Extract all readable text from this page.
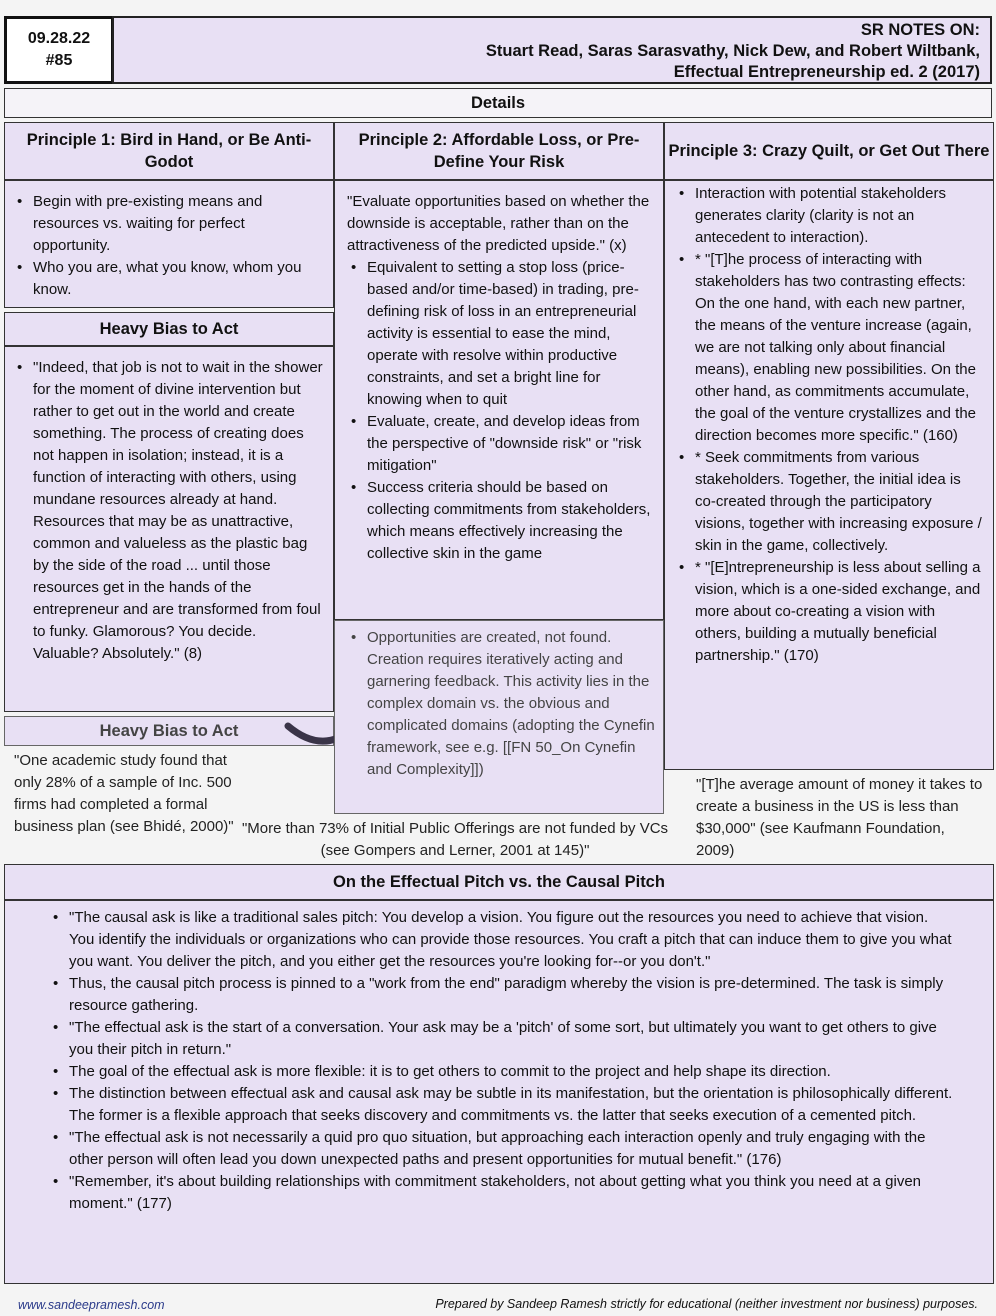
09.28.22
#85
SR NOTES ON:
Stuart Read, Saras Sarasvathy, Nick Dew, and Robert Wiltbank,
Effectual Entrepreneurship ed. 2 (2017)
Details
Principle 1: Bird in Hand, or Be Anti-Godot
• Begin with pre-existing means and resources vs. waiting for perfect opportunity.
• Who you are, what you know, whom you know.
Heavy Bias to Act
• "Indeed, that job is not to wait in the shower for the moment of divine intervention but rather to get out in the world and create something. The process of creating does not happen in isolation; instead, it is a function of interacting with others, using mundane resources already at hand. Resources that may be as unattractive, common and valueless as the plastic bag by the side of the road ... until those resources get in the hands of the entrepreneur and are transformed from foul to funky. Glamorous? You decide. Valuable? Absolutely." (8)
Heavy Bias to Act
"One academic study found that only 28% of a sample of Inc. 500 firms had completed a formal business plan (see Bhidé, 2000)"
Principle 2: Affordable Loss, or Pre-Define Your Risk
"Evaluate opportunities based on whether the downside is acceptable, rather than on the attractiveness of the predicted upside." (x)
• Equivalent to setting a stop loss (price-based and/or time-based) in trading, pre-defining risk of loss in an entrepreneurial activity is essential to ease the mind, operate with resolve within productive constraints, and set a bright line for knowing when to quit
• Evaluate, create, and develop ideas from the perspective of "downside risk" or "risk mitigation"
• Success criteria should be based on collecting commitments from stakeholders, which means effectively increasing the collective skin in the game
• Opportunities are created, not found. Creation requires iteratively acting and garnering feedback. This activity lies in the complex domain vs. the obvious and complicated domains (adopting the Cynefin framework, see e.g. [[FN 50_On Cynefin and Complexity]])
"More than 73% of Initial Public Offerings are not funded by VCs (see Gompers and Lerner, 2001 at 145)"
Principle 3: Crazy Quilt, or Get Out There
• Interaction with potential stakeholders generates clarity (clarity is not an antecedent to interaction).
• * "[T]he process of interacting with stakeholders has two contrasting effects: On the one hand, with each new partner, the means of the venture increase (again, we are not talking only about financial means), enabling new possibilities. On the other hand, as commitments accumulate, the goal of the venture crystallizes and the direction becomes more specific." (160)
• * Seek commitments from various stakeholders. Together, the initial idea is co-created through the participatory visions, together with increasing exposure / skin in the game, collectively.
• * "[E]ntrepreneurship is less about selling a vision, which is a one-sided exchange, and more about co-creating a vision with others, building a mutually beneficial partnership." (170)
"[T]he average amount of money it takes to create a business in the US is less than $30,000" (see Kaufmann Foundation, 2009)
On the Effectual Pitch vs. the Causal Pitch
• "The causal ask is like a traditional sales pitch: You develop a vision. You figure out the resources you need to achieve that vision. You identify the individuals or organizations who can provide those resources. You craft a pitch that can induce them to give you what you want. You deliver the pitch, and you either get the resources you're looking for--or you don't."
• Thus, the causal pitch process is pinned to a "work from the end" paradigm whereby the vision is pre-determined. The task is simply resource gathering.
• "The effectual ask is the start of a conversation. Your ask may be a 'pitch' of some sort, but ultimately you want to get others to give you their pitch in return."
• The goal of the effectual ask is more flexible: it is to get others to commit to the project and help shape its direction.
• The distinction between effectual ask and causal ask may be subtle in its manifestation, but the orientation is philosophically different. The former is a flexible approach that seeks discovery and commitments vs. the latter that seeks execution of a cemented pitch.
• "The effectual ask is not necessarily a quid pro quo situation, but approaching each interaction openly and truly engaging with the other person will often lead you down unexpected paths and present opportunities for mutual benefit." (176)
• "Remember, it's about building relationships with commitment stakeholders, not about getting what you think you need at a given moment." (177)
www.sandeepramesh.com	Prepared by Sandeep Ramesh strictly for educational (neither investment nor business) purposes.
